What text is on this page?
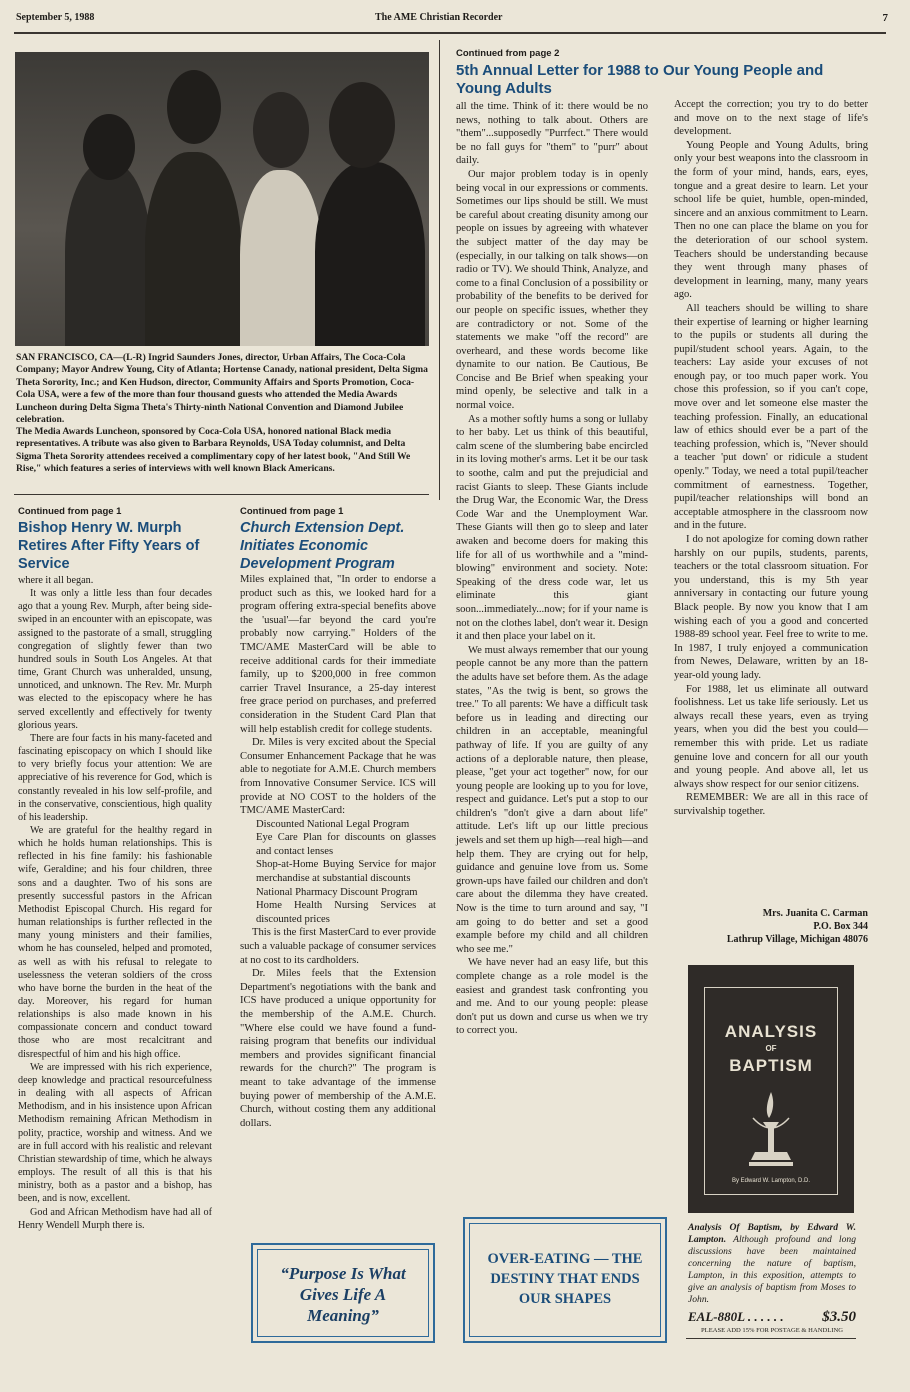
September 5, 1988	The AME Christian Recorder	7

SAN FRANCISCO, CA—(L-R) Ingrid Saunders Jones, director, Urban Affairs, The Coca-Cola Company; Mayor Andrew Young, City of Atlanta; Hortense Canady, national president, Delta Sigma Theta Sorority, Inc.; and Ken Hudson, director, Community Affairs and Sports Promotion, Coca-Cola USA, were a few of the more than four thousand guests who attended the Media Awards Luncheon during Delta Sigma Theta's Thirty-ninth National Convention and Diamond Jubilee celebration.

The Media Awards Luncheon, sponsored by Coca-Cola USA, honored national Black media representatives. A tribute was also given to Barbara Reynolds, USA Today columnist, and Delta Sigma Theta Sorority attendees received a complimentary copy of her latest book, "And Still We Rise," which features a series of interviews with well known Black Americans.

Continued from page 2
5th Annual Letter for 1988 to Our Young People and Young Adults

all the time. Think of it: there would be no news, nothing to talk about. Others are "them"...supposedly "Purrfect." There would be no fall guys for "them" to "purr" about daily.

Our major problem today is in openly being vocal in our expressions or comments. Sometimes our lips should be still. We must be careful about creating disunity among our people on issues by agreeing with whatever the subject matter of the day may be (especially, in our talking on talk shows—on radio or TV). We should Think, Analyze, and come to a final Conclusion of a possibility or probability of the benefits to be derived for our people on specific issues, whether they are contradictory or not. Some of the statements we make "off the record" are overheard, and these words become like dynamite to our nation. Be Cautious, Be Concise and Be Brief when speaking your mind openly, be selective and talk in a normal voice.

As a mother softly hums a song or lullaby to her baby. Let us think of this beautiful, calm scene of the slumbering babe encircled in its loving mother's arms. Let it be our task to soothe, calm and put the prejudicial and racist Giants to sleep. These Giants include the Drug War, the Economic War, the Dress Code War and the Unemployment War. These Giants will then go to sleep and later awaken and become doers for making this life for all of us worthwhile and a "mind-blowing" environment and society. Note: Speaking of the dress code war, let us eliminate this giant soon...immediately...now; for if your name is not on the clothes label, don't wear it. Design it and then place your label on it.

We must always remember that our young people cannot be any more than the pattern the adults have set before them. As the adage states, "As the twig is bent, so grows the tree." To all parents: We have a difficult task before us in leading and directing our children in an acceptable, meaningful pathway of life. If you are guilty of any actions of a deplorable nature, then please, please, "get your act together" now, for our young people are looking up to you for love, respect and guidance. Let's put a stop to our children's "don't give a darn about life" attitude. Let's lift up our little precious jewels and set them up high—real high—and help them. They are crying out for help, guidance and genuine love from us. Some grown-ups have failed our children and don't care about the dilemma they have created. Now is the time to turn around and say, "I am going to do better and set a good example before my child and all children who see me."

We have never had an easy life, but this complete change as a role model is the easiest and grandest task confronting you and me. And to our young people: please don't put us down and curse us when we try to correct you.

Accept the correction; you try to do better and move on to the next stage of life's development.

Young People and Young Adults, bring only your best weapons into the classroom in the form of your mind, hands, ears, eyes, tongue and a great desire to learn. Let your school life be quiet, humble, open-minded, sincere and an anxious commitment to Learn. Then no one can place the blame on you for the deterioration of our school system. Teachers should be understanding because they went through many phases of development in learning, many, many years ago.

All teachers should be willing to share their expertise of learning or higher learning to the pupils or students all during the pupil/student school years. Again, to the teachers: Lay aside your excuses of not enough pay, or too much paper work. You chose this profession, so if you can't cope, move over and let someone else master the teaching profession. Finally, an educational law of ethics should ever be a part of the teaching profession, which is, "Never should a teacher 'put down' or ridicule a student openly." Today, we need a total pupil/teacher commitment of earnestness. Together, pupil/teacher relationships will bond an acceptable atmosphere in the classroom now and in the future.

I do not apologize for coming down rather harshly on our pupils, students, parents, teachers or the total classroom situation. For you understand, this is my 5th year anniversary in contacting our future young Black people. By now you know that I am wishing each of you a good and concerted 1988-89 school year. Feel free to write to me. In 1987, I truly enjoyed a communication from Newes, Delaware, written by an 18-year-old young lady.

For 1988, let us eliminate all outward foolishness. Let us take life seriously. Let us always recall these years, even as trying years, when you did the best you could—remember this with pride. Let us radiate genuine love and concern for all our youth and young people. And above all, let us always show respect for our senior citizens.

REMEMBER: We are all in this race of survivalship together.

Mrs. Juanita C. Carman
P.O. Box 344
Lathrup Village, Michigan 48076
Continued from page 1
Bishop Henry W. Murph Retires After Fifty Years of Service

where it all began.

It was only a little less than four decades ago that a young Rev. Murph, after being side-swiped in an encounter with an episcopate, was assigned to the pastorate of a small, struggling congregation of slightly fewer than two hundred souls in South Los Angeles. At that time, Grant Church was unheralded, unsung, unnoticed, and unknown. The Rev. Mr. Murph was elected to the episcopacy where he has served excellently and effectively for twenty glorious years.

There are four facts in his many-faceted and fascinating episcopacy on which I should like to very briefly focus your attention: We are appreciative of his reverence for God, which is constantly revealed in his low self-profile, and in the conservative, conscientious, high quality of his leadership.

We are grateful for the healthy regard in which he holds human relationships. This is reflected in his fine family: his fashionable wife, Geraldine; and his four children, three sons and a daughter. Two of his sons are presently successful pastors in the African Methodist Episcopal Church. His regard for human relationships is further reflected in the many young ministers and their families, whom he has counseled, helped and promoted, as well as with his refusal to relegate to uselessness the veteran soldiers of the cross who have borne the burden in the heat of the day. Moreover, his regard for human relationships is also made known in his compassionate concern and conduct toward those who are most recalcitrant and disrespectful of him and his high office.

We are impressed with his rich experience, deep knowledge and practical resourcefulness in dealing with all aspects of African Methodism, and in his insistence upon African Methodism remaining African Methodism in polity, practice, worship and witness. And we are in full accord with his realistic and relevant Christian stewardship of time, which he always employs. The result of all this is that his ministry, both as a pastor and a bishop, has been, and is now, excellent.

God and African Methodism have had all of Henry Wendell Murph there is.

Continued from page 1
Church Extension Dept. Initiates Economic Development Program

Miles explained that, "In order to endorse a product such as this, we looked hard for a program offering extra-special benefits above the 'usual'—far beyond the card you're probably now carrying." Holders of the TMC/AME MasterCard will be able to receive additional cards for their immediate family, up to $200,000 in free common carrier Travel Insurance, a 25-day interest free grace period on purchases, and preferred consideration in the Student Card Plan that will help establish credit for college students.

Dr. Miles is very excited about the Special Consumer Enhancement Package that he was able to negotiate for A.M.E. Church members from Innovative Consumer Service. ICS will provide at NO COST to the holders of the TMC/AME MasterCard:

Discounted National Legal Program

Eye Care Plan for discounts on glasses and contact lenses

Shop-at-Home Buying Service for major merchandise at substantial discounts

National Pharmacy Discount Program

Home Health Nursing Services at discounted prices

This is the first MasterCard to ever provide such a valuable package of consumer services at no cost to its cardholders.

Dr. Miles feels that the Extension Department's negotiations with the bank and ICS have produced a unique opportunity for the membership of the A.M.E. Church. "Where else could we have found a fund-raising program that benefits our individual members and provides significant financial rewards for the church?" The program is meant to take advantage of the immense buying power of membership of the A.M.E. Church, without costing them any additional dollars.

“Purpose Is What Gives Life A Meaning”
OVER-EATING — THE DESTINY THAT ENDS OUR SHAPES
ANALYSIS
OF
BAPTISM
By Edward W. Lampton, D.D.
Analysis Of Baptism, by Edward W. Lampton. Although profound and long discussions have been maintained concerning the nature of baptism, Lampton, in this exposition, attempts to give an analysis of baptism from Moses to John.
EAL-880L . . . . . .	$3.50
PLEASE ADD 15% FOR POSTAGE & HANDLING
